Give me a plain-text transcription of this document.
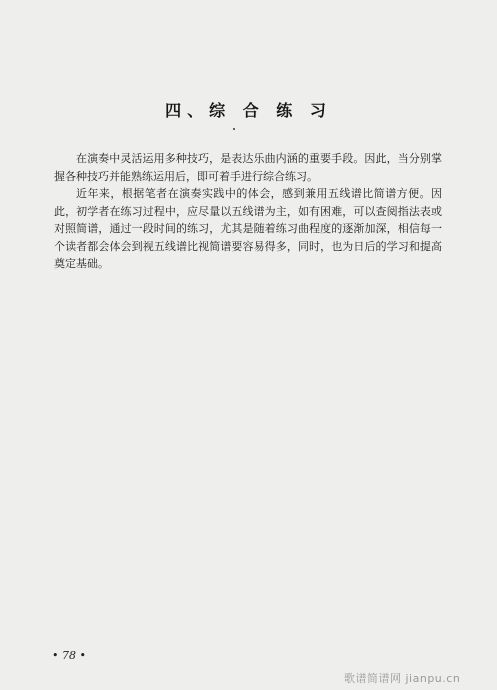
四、综 合 练 习

在演奏中灵活运用多种技巧，是表达乐曲内涵的重要手段。因此，当分别掌握各种技巧并能熟练运用后，即可着手进行综合练习。

近年来，根据笔者在演奏实践中的体会，感到兼用五线谱比简谱方便。因此，初学者在练习过程中，应尽量以五线谱为主，如有困难，可以查阅指法表或对照简谱，通过一段时间的练习，尤其是随着练习曲程度的逐渐加深，相信每一个读者都会体会到视五线谱比视简谱要容易得多，同时，也为日后的学习和提高奠定基础。

• 78 •
歌谱简谱网 jianpu.cn
